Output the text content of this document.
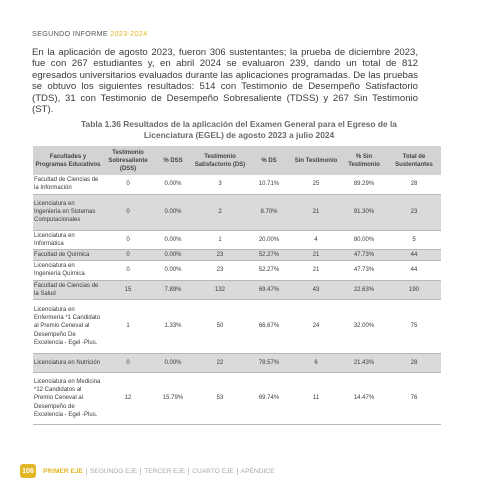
SEGUNDO INFORME 2023-2024
En la aplicación de agosto 2023, fueron 306 sustentantes; la prueba de diciembre 2023, fue con 267 estudiantes y, en abril 2024 se evaluaron 239, dando un total de 812 egresados universitarios evaluados durante las aplicaciones programadas. De las pruebas se obtuvo los siguientes resultados: 514 con Testimonio de Desempeño Satisfactorio (TDS), 31 con Testimonio de Desempeño Sobresaliente (TDSS) y 267 Sin Testimonio (ST).
Tabla 1.36 Resultados de la aplicación del Examen General para el Egreso de la Licenciatura (EGEL) de agosto 2023 a julio 2024
Facultades y Programas Educativos	Testimonio Sobresaliente (DSS)	% DSS	Testimonio Satisfactorio (DS)	% DS	Sin Testimonio	% Sin Testimonio	Total de Sustentantes
Facultad de Ciencias de la Información	0	0.00%	3	10.71%	25	89.29%	28
Licenciatura en Ingeniería en Sistemas Computacionales	0	0.00%	2	8.70%	21	91.30%	23
Licenciatura en Informática	0	0.00%	1	20.00%	4	80.00%	5
Facultad de Química	0	0.00%	23	52.27%	21	47.73%	44
Licenciatura en Ingeniería Química	0	0.00%	23	52.27%	21	47.73%	44
Facultad de Ciencias de la Salud	15	7.89%	132	69.47%	43	22.63%	190
Licenciatura en Enfermería *1 Candidato al Premio Ceneval al Desempeño De Excelencia - Egel -Plus.	1	1.33%	50	66.67%	24	32.00%	75
Licenciatura en Nutrición	0	0.00%	22	78.57%	6	21.43%	28
Licenciatura en Medicina *12 Candidatos al Premio Ceneval al Desempeño de Excelencia - Egel -Plus.	12	15.79%	53	69.74%	11	14.47%	76
106	PRIMER EJE	SEGUNDO EJE	TERCER EJE	CUARTO EJE	APÉNDICE
